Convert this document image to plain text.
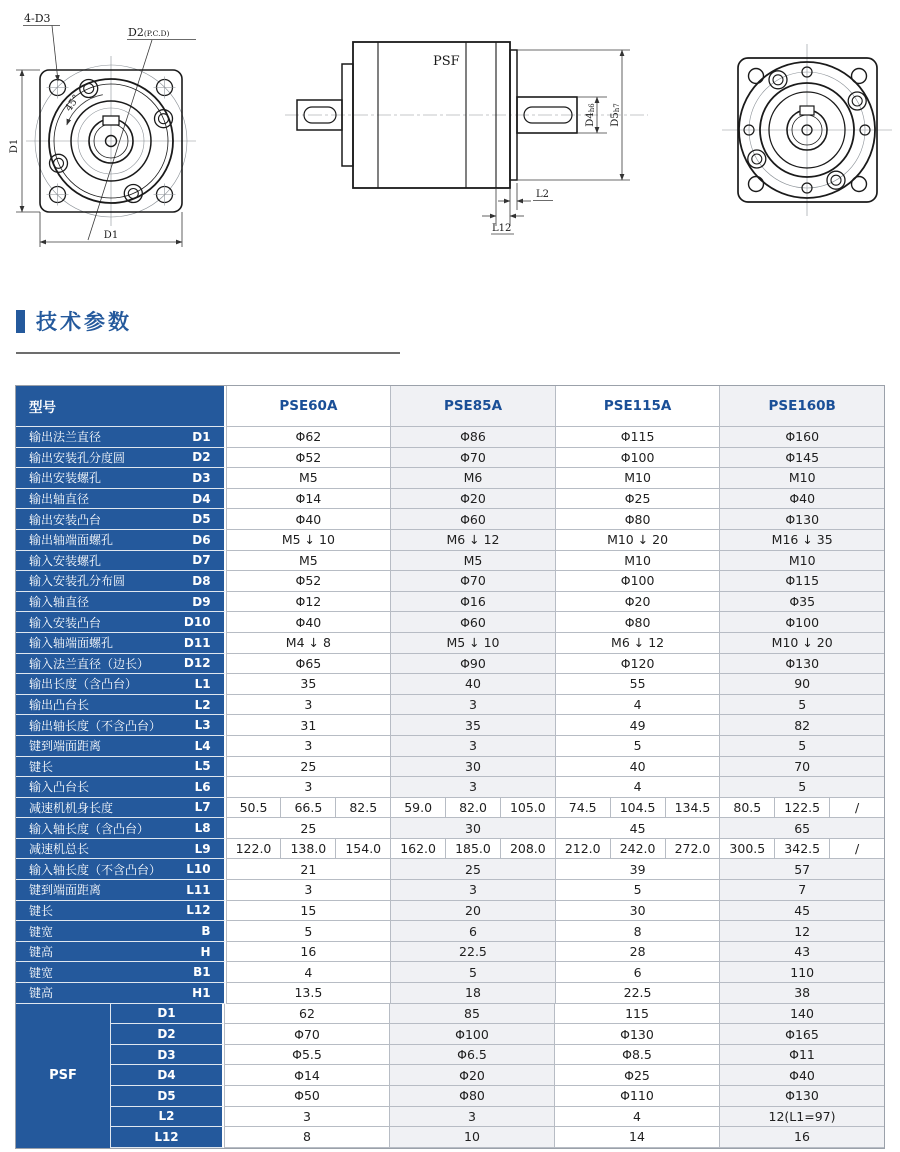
45°
4-D3
D2(P.C.D)
D1
D1
PSF
D4h6
D5h7
L2
L12
技术参数
型号	PSE60A	PSE85A	PSE115A	PSE160B
输出法兰直径	D1	Φ62	Φ86	Φ115	Φ160
输出安装孔分度圆	D2	Φ52	Φ70	Φ100	Φ145
输出安装螺孔	D3	M5	M6	M10	M10
输出轴直径	D4	Φ14	Φ20	Φ25	Φ40
输出安装凸台	D5	Φ40	Φ60	Φ80	Φ130
输出轴端面螺孔	D6	M5 ↓ 10	M6 ↓ 12	M10 ↓ 20	M16 ↓ 35
输入安装螺孔	D7	M5	M5	M10	M10
输入安装孔分布圆	D8	Φ52	Φ70	Φ100	Φ115
输入轴直径	D9	Φ12	Φ16	Φ20	Φ35
输入安装凸台	D10	Φ40	Φ60	Φ80	Φ100
输入轴端面螺孔	D11	M4 ↓ 8	M5 ↓ 10	M6 ↓ 12	M10 ↓ 20
输入法兰直径（边长）	D12	Φ65	Φ90	Φ120	Φ130
输出长度（含凸台）	L1	35	40	55	90
输出凸台长	L2	3	3	4	5
输出轴长度（不含凸台）	L3	31	35	49	82
键到端面距离	L4	3	3	5	5
键长	L5	25	30	40	70
输入凸台长	L6	3	3	4	5
减速机机身长度	L7	50.5	66.5	82.5	59.0	82.0	105.0	74.5	104.5	134.5	80.5	122.5	/
输入轴长度（含凸台）	L8	25	30	45	65
减速机总长	L9	122.0	138.0	154.0	162.0	185.0	208.0	212.0	242.0	272.0	300.5	342.5	/
输入轴长度（不含凸台） L10	21	25	39	57
键到端面距离	L11	3	3	5	7
键长	L12	15	20	30	45
键宽	B	5	6	8	12
键高	H	16	22.5	28	43
键宽	B1	4	5	6	110
键高	H1	13.5	18	22.5	38
PSF
D1	62	85	115	140
D2	Φ70	Φ100	Φ130	Φ165
D3	Φ5.5	Φ6.5	Φ8.5	Φ11
D4	Φ14	Φ20	Φ25	Φ40
D5	Φ50	Φ80	Φ110	Φ130
L2	3	3	4	12(L1=97)
L12	8	10	14	16
